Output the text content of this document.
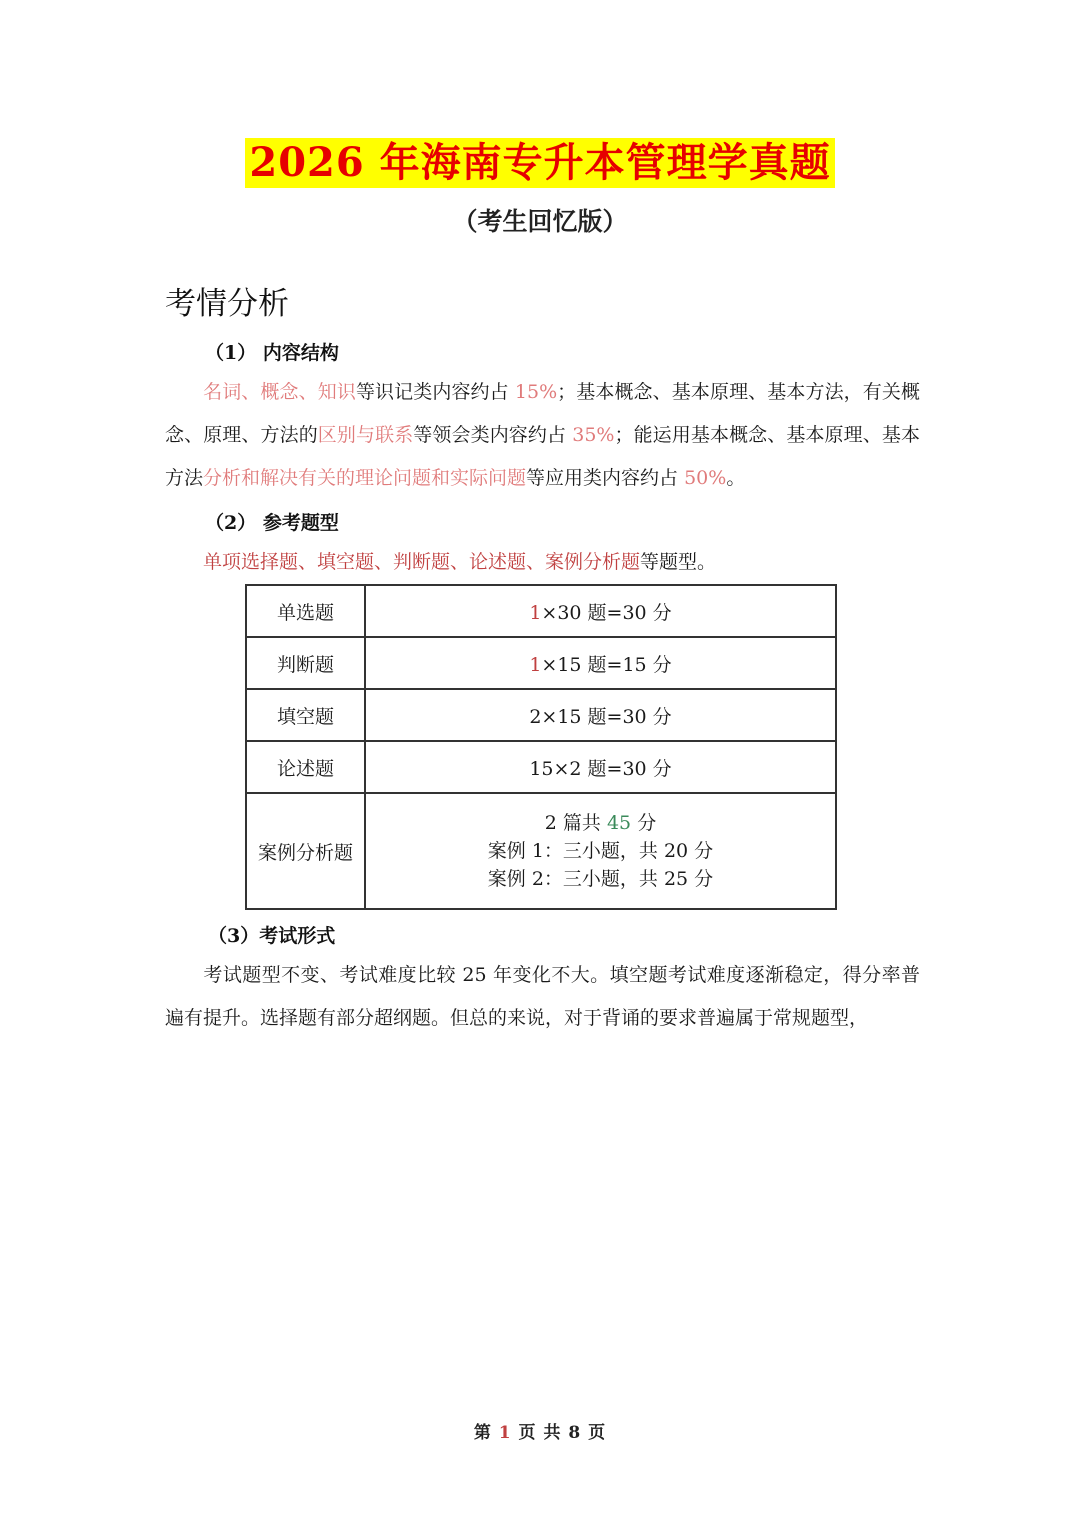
2026 年海南专升本管理学真题
（考生回忆版）
考情分析
（1） 内容结构
名词、概念、知识等识记类内容约占 15%；基本概念、基本原理、基本方法，有关概念、原理、方法的区别与联系等领会类内容约占 35%；能运用基本概念、基本原理、基本方法分析和解决有关的理论问题和实际问题等应用类内容约占 50%。
（2） 参考题型
单项选择题、填空题、判断题、论述题、案例分析题等题型。
单选题	1×30 题=30 分
判断题	1×15 题=15 分
填空题	2×15 题=30 分
论述题	15×2 题=30 分
案例分析题	2 篇共 45 分
案例 1：三小题，共 20 分
案例 2：三小题，共 25 分
（3）考试形式
考试题型不变、考试难度比较 25 年变化不大。填空题考试难度逐渐稳定，得分率普遍有提升。选择题有部分超纲题。但总的来说，对于背诵的要求普遍属于常规题型，
第 1 页 共 8 页
